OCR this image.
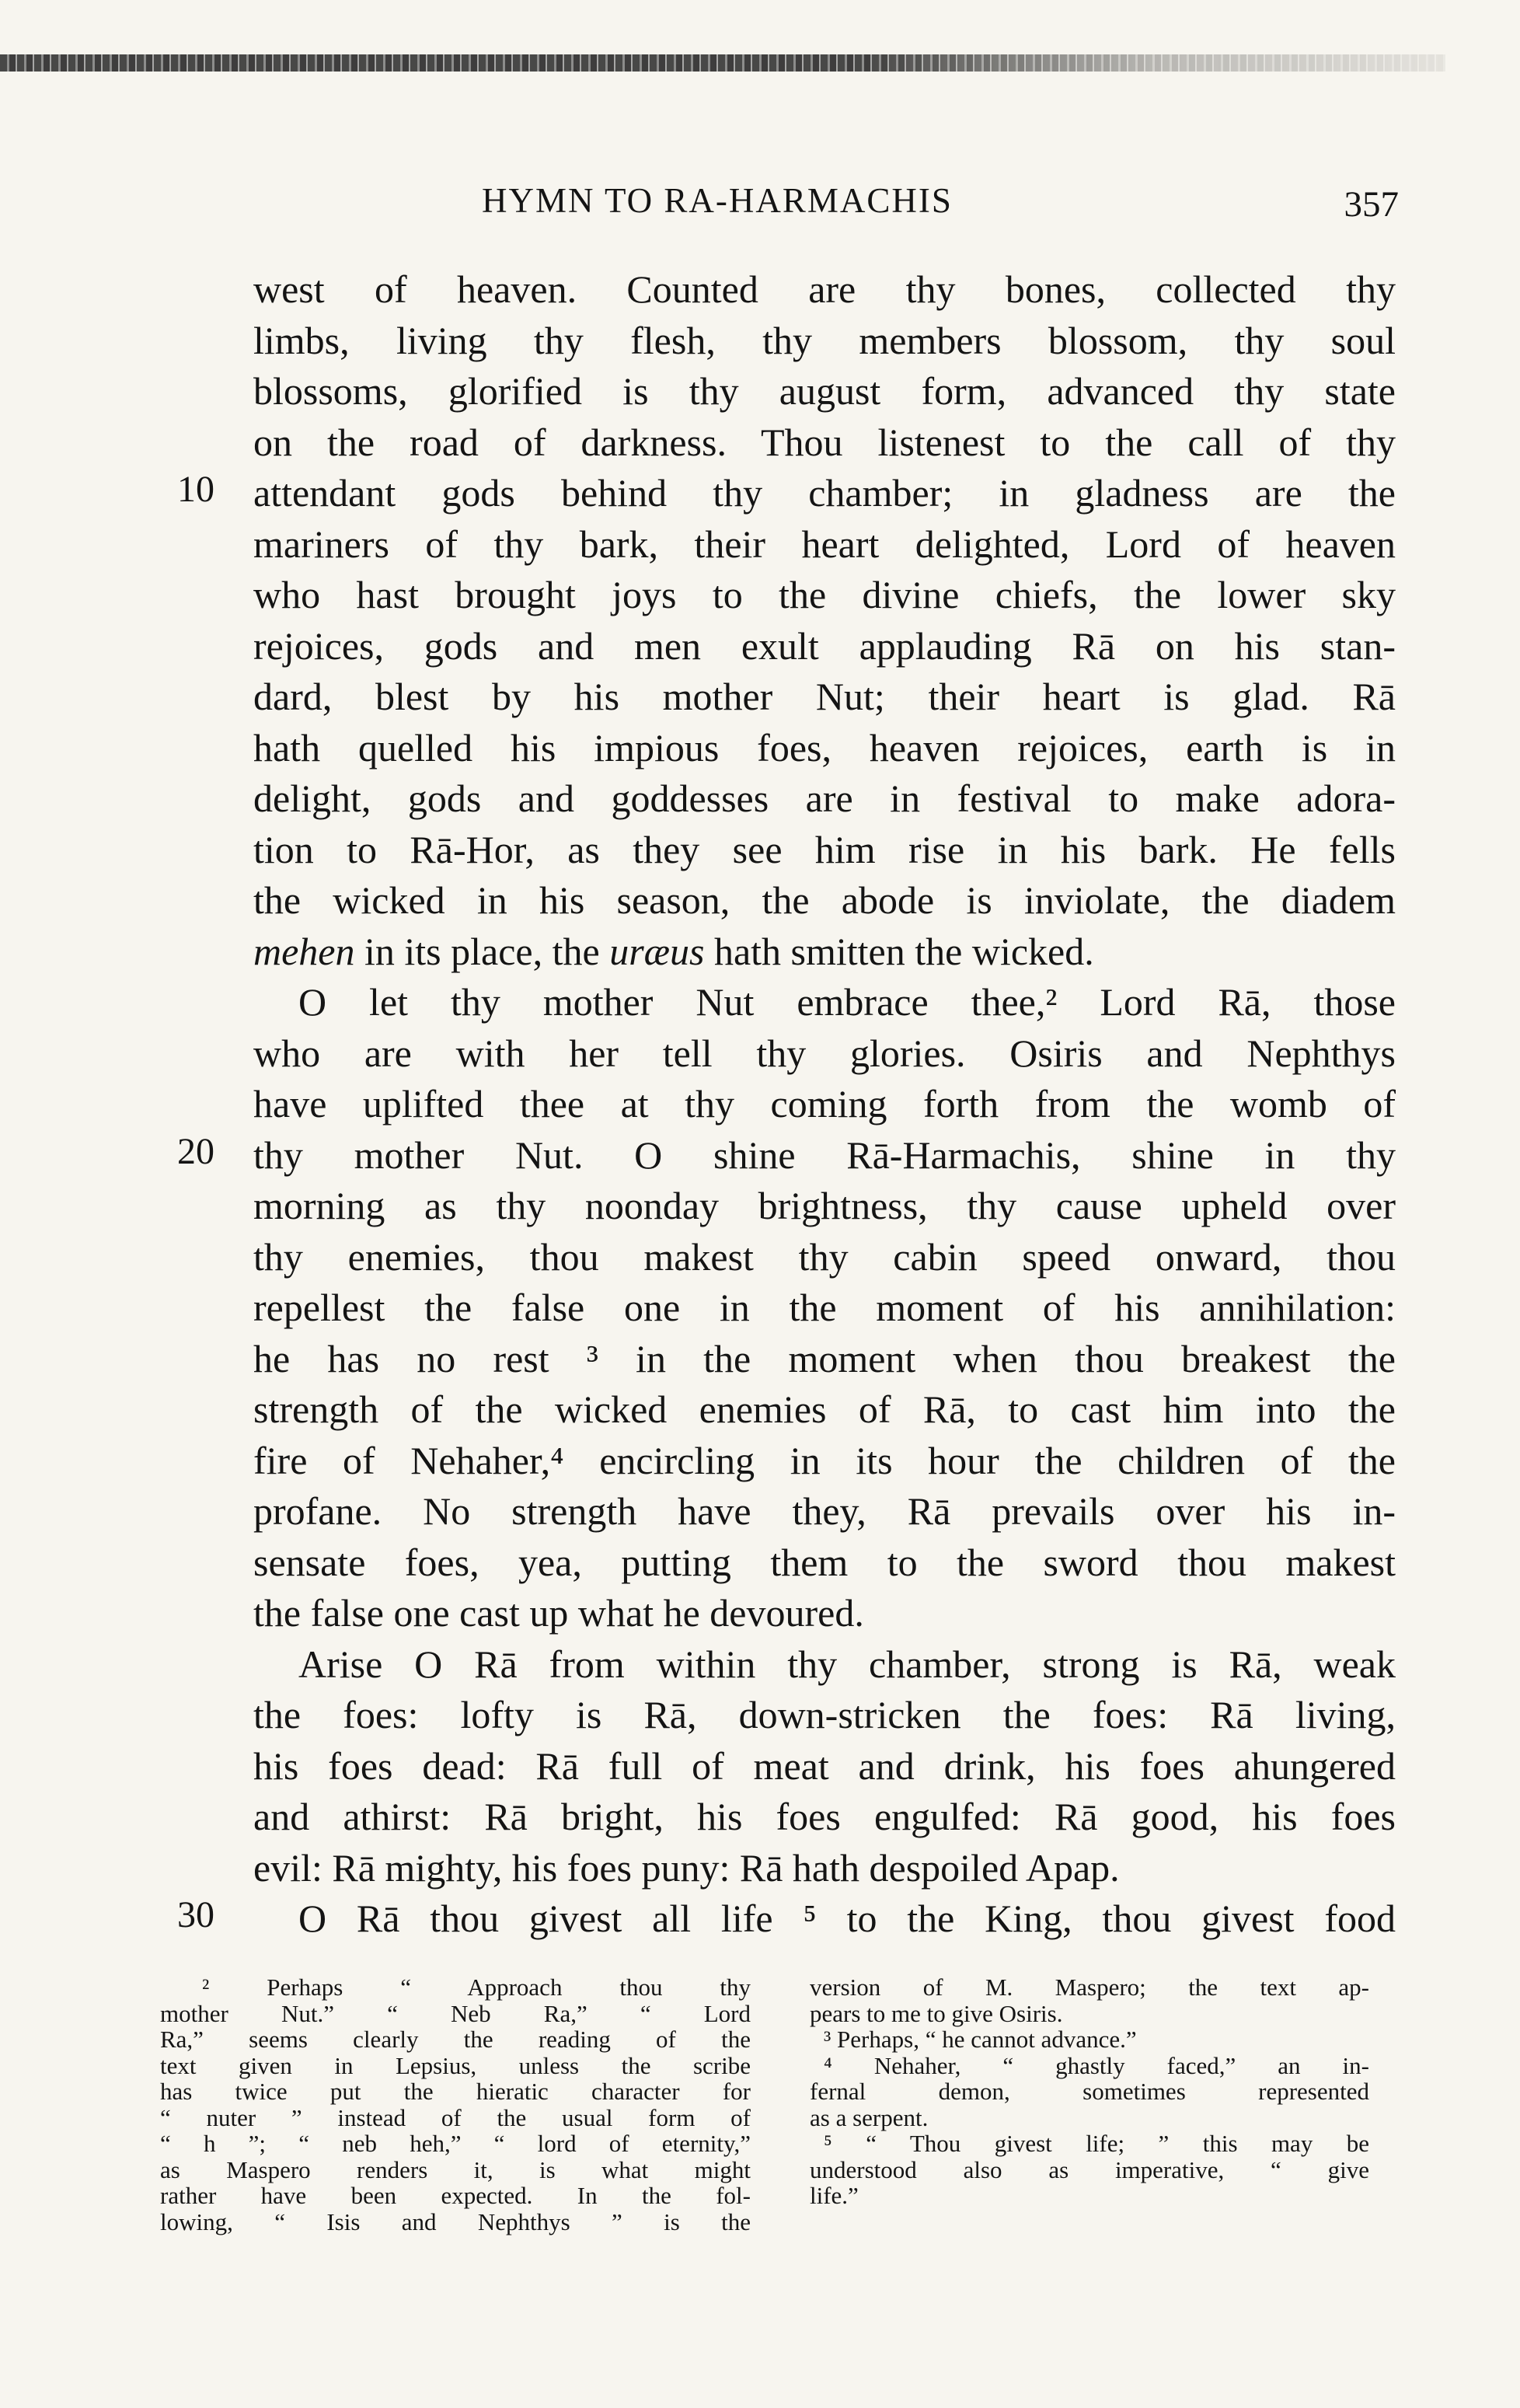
HYMN TO RA-HARMACHIS	357
west of heaven. Counted are thy bones, collected thy
limbs, living thy flesh, thy members blossom, thy soul
blossoms, glorified is thy august form, advanced thy state
on the road of darkness. Thou listenest to the call of thy
10 attendant gods behind thy chamber; in gladness are the
mariners of thy bark, their heart delighted, Lord of heaven
who hast brought joys to the divine chiefs, the lower sky
rejoices, gods and men exult applauding Rā on his stan-
dard, blest by his mother Nut; their heart is glad. Rā
hath quelled his impious foes, heaven rejoices, earth is in
delight, gods and goddesses are in festival to make adora-
tion to Rā-Hor, as they see him rise in his bark. He fells
the wicked in his season, the abode is inviolate, the diadem
mehen in its place, the uræus hath smitten the wicked.
O let thy mother Nut embrace thee,² Lord Rā, those
who are with her tell thy glories. Osiris and Nephthys
have uplifted thee at thy coming forth from the womb of
20 thy mother Nut. O shine Rā-Harmachis, shine in thy
morning as thy noonday brightness, thy cause upheld over
thy enemies, thou makest thy cabin speed onward, thou
repellest the false one in the moment of his annihilation:
he has no rest ³ in the moment when thou breakest the
strength of the wicked enemies of Rā, to cast him into the
fire of Nehaher,⁴ encircling in its hour the children of the
profane. No strength have they, Rā prevails over his in-
sensate foes, yea, putting them to the sword thou makest
the false one cast up what he devoured.
Arise O Rā from within thy chamber, strong is Rā, weak
the foes: lofty is Rā, down-stricken the foes: Rā living,
his foes dead: Rā full of meat and drink, his foes ahungered
and athirst: Rā bright, his foes engulfed: Rā good, his foes
evil: Rā mighty, his foes puny: Rā hath despoiled Apap.
30	O Rā thou givest all life ⁵ to the King, thou givest food
² Perhaps “ Approach thou thy
mother Nut.” “ Neb Ra,” “ Lord
Ra,” seems clearly the reading of the
text given in Lepsius, unless the scribe
has twice put the hieratic character for
“ nuter ” instead of the usual form of
“ h ”; “ neb heh,” “ lord of eternity,”
as Maspero renders it, is what might
rather have been expected. In the fol-
lowing, “ Isis and Nephthys ” is the
version of M. Maspero; the text ap-
pears to me to give Osiris.
³ Perhaps, “ he cannot advance.”
⁴ Nehaher, “ ghastly faced,” an in-
fernal demon, sometimes represented
as a serpent.
⁵ “ Thou givest life; ” this may be
understood also as imperative, “ give
life.”
